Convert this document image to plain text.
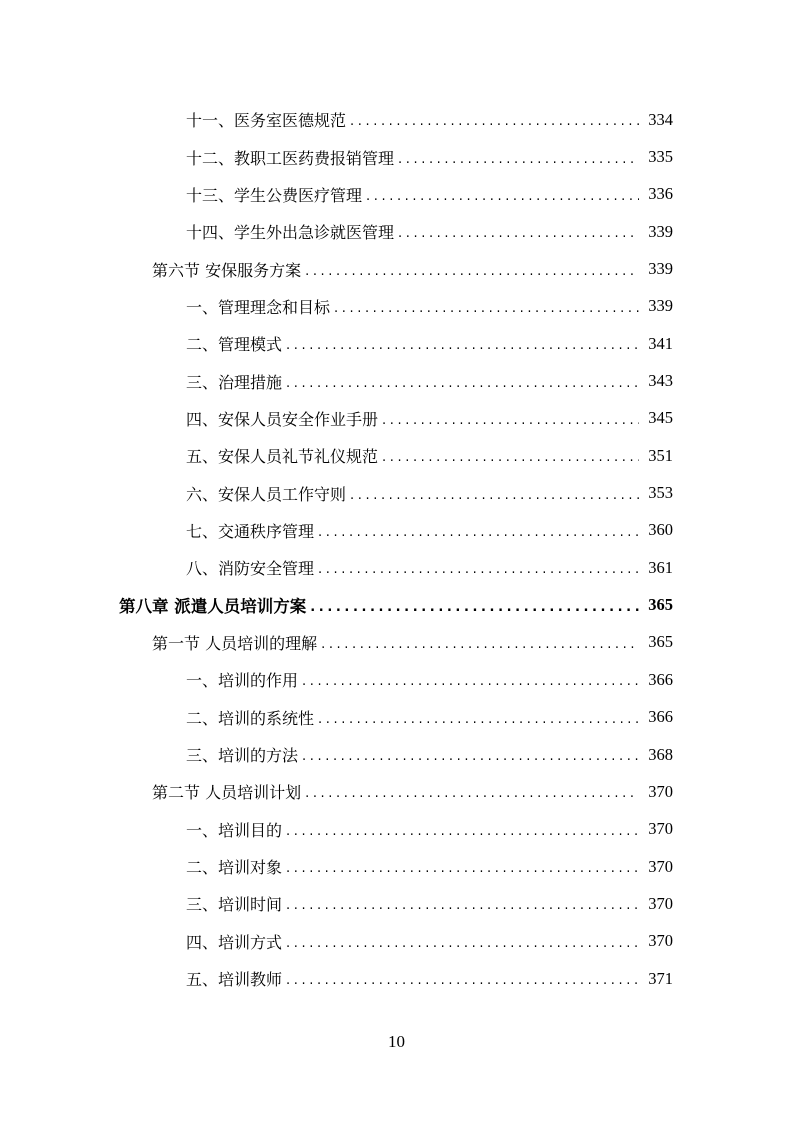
十一、医务室医德规范 .....	334
十二、教职工医药费报销管理 .....	335
十三、学生公费医疗管理 .....	336
十四、学生外出急诊就医管理 .....	339
第六节 安保服务方案 .....	339
一、管理理念和目标 .....	339
二、管理模式 .....	341
三、治理措施 .....	343
四、安保人员安全作业手册 .....	345
五、安保人员礼节礼仪规范 .....	351
六、安保人员工作守则 .....	353
七、交通秩序管理 .....	360
八、消防安全管理 .....	361
第八章 派遣人员培训方案 .....	365
第一节 人员培训的理解 .....	365
一、培训的作用 .....	366
二、培训的系统性 .....	366
三、培训的方法 .....	368
第二节 人员培训计划 .....	370
一、培训目的 .....	370
二、培训对象 .....	370
三、培训时间 .....	370
四、培训方式 .....	370
五、培训教师 .....	371
10
